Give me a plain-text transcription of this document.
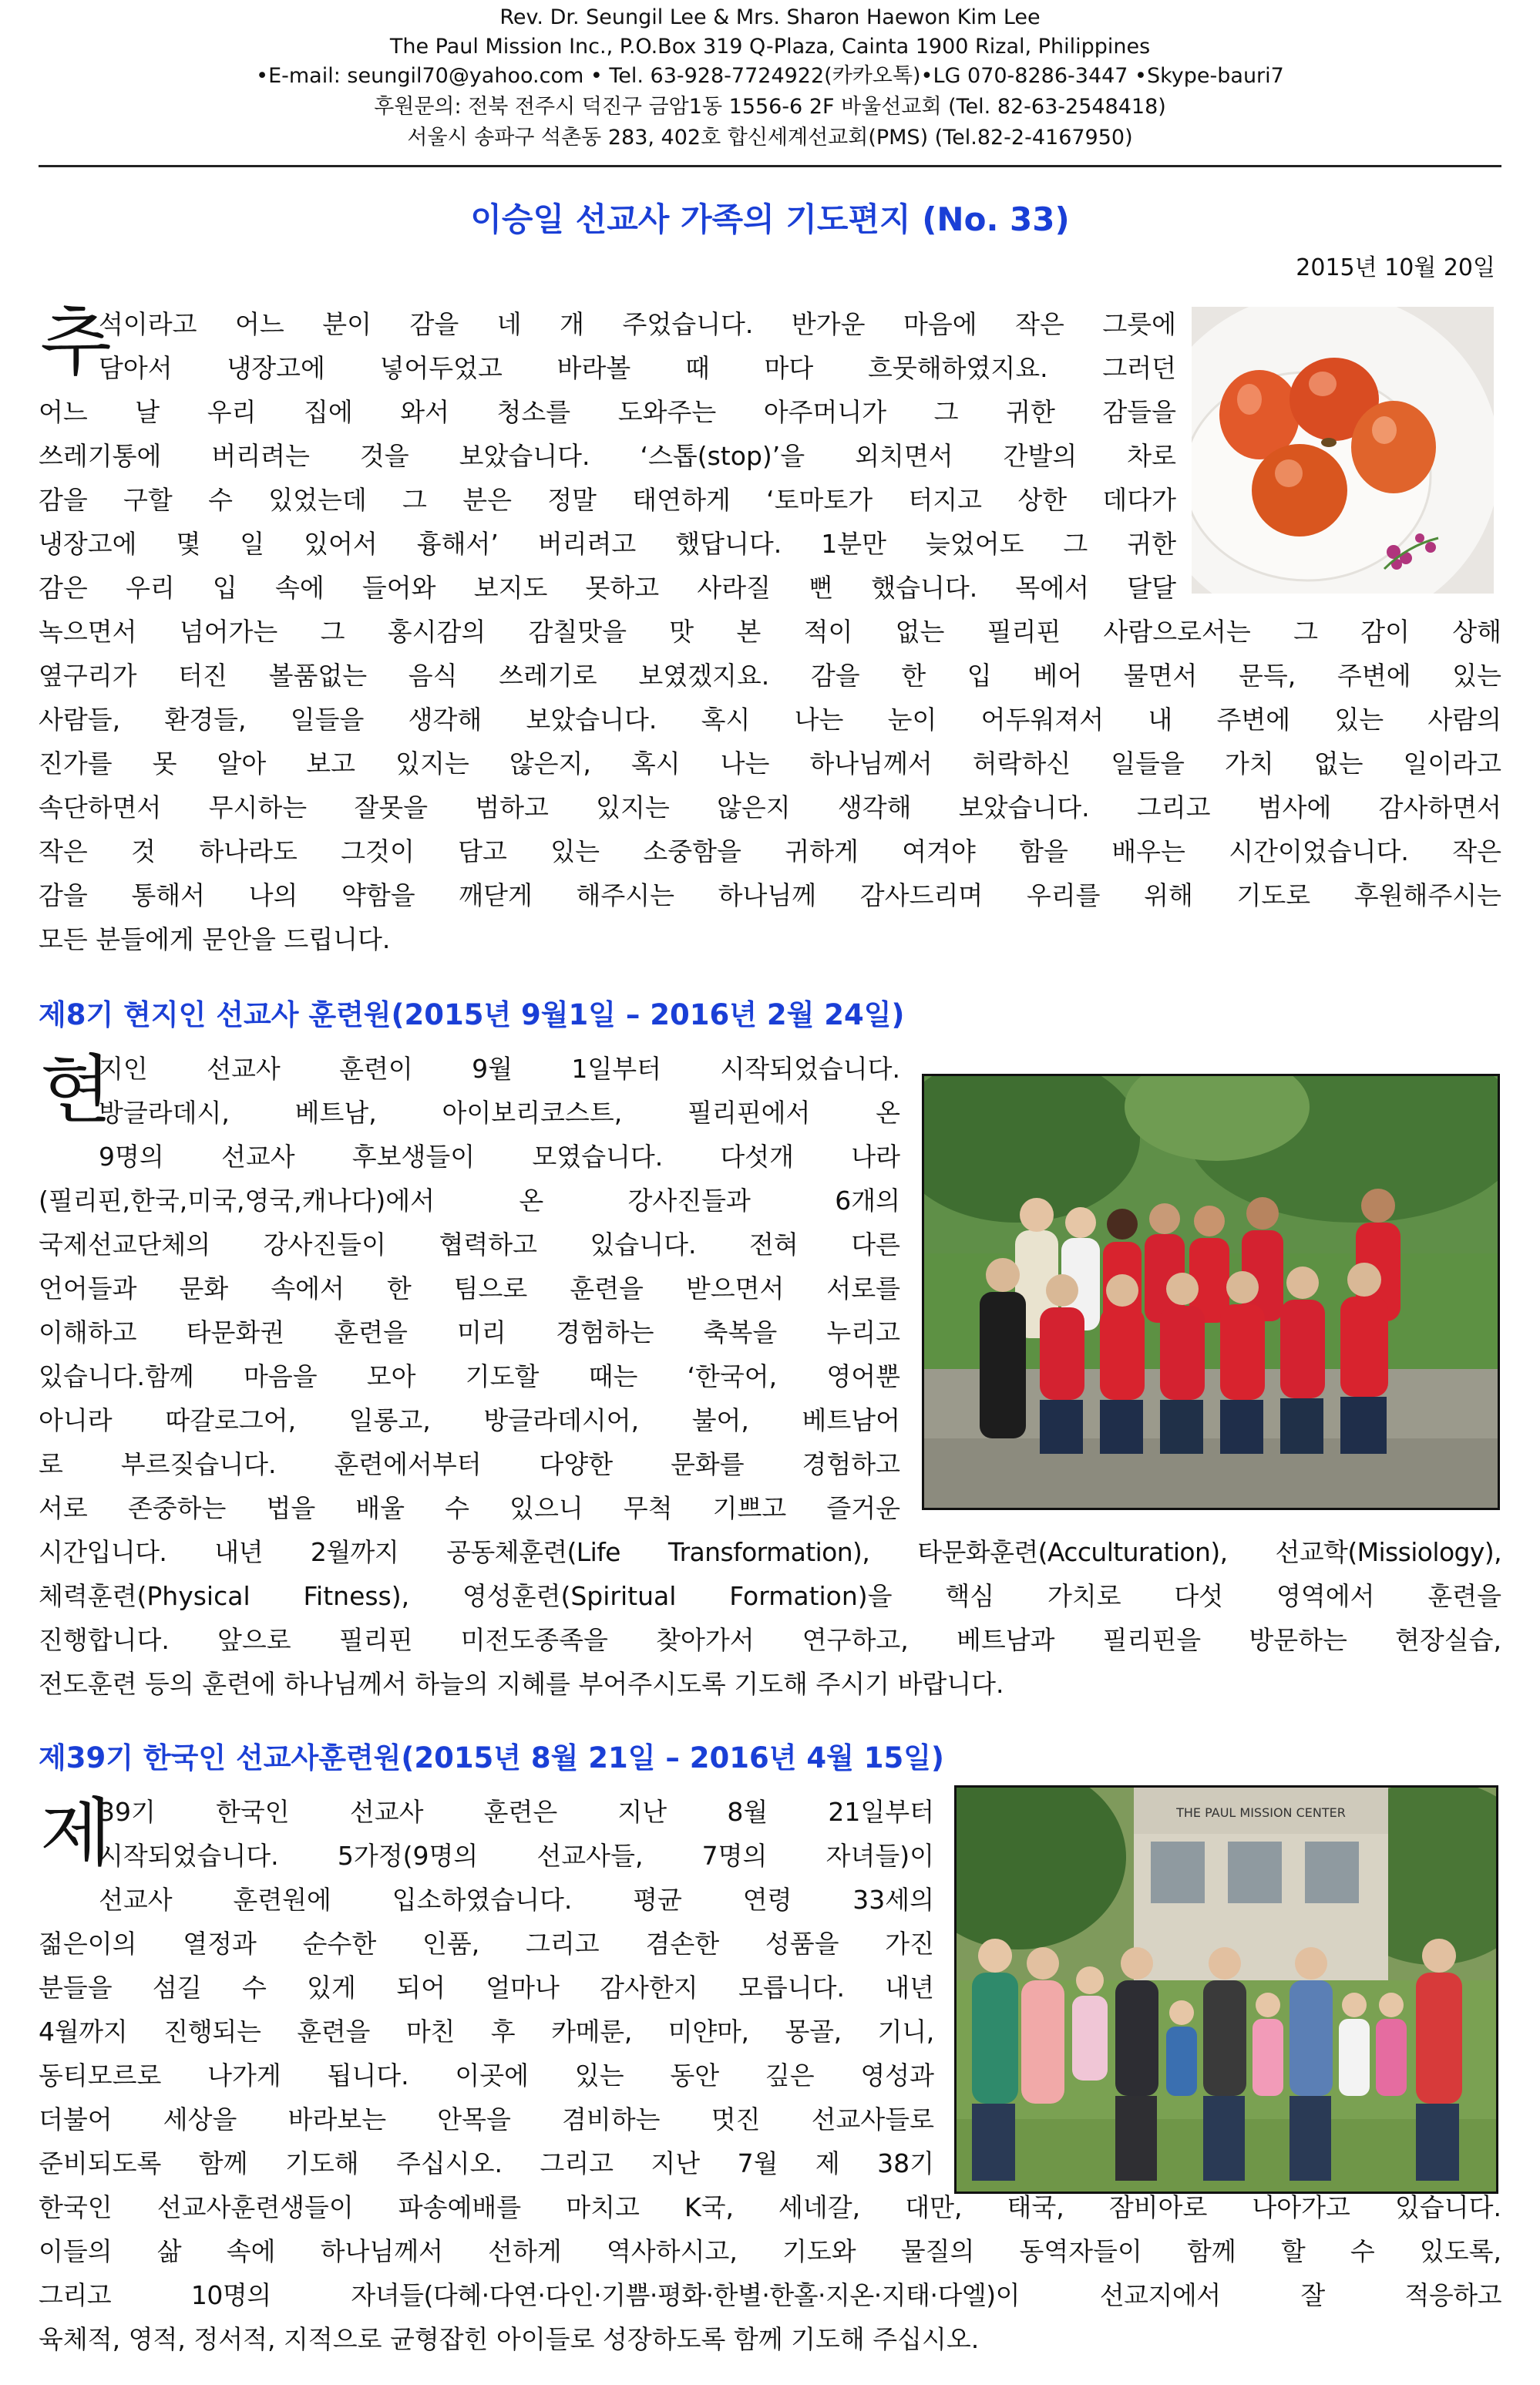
Rev. Dr. Seungil Lee & Mrs. Sharon Haewon Kim Lee
The Paul Mission Inc., P.O.Box 319 Q-Plaza, Cainta 1900 Rizal, Philippines
•E-mail: seungil70@yahoo.com • Tel. 63-928-7724922(카카오톡)•LG 070-8286-3447 •Skype-bauri7
후원문의: 전북 전주시 덕진구 금암1동 1556-6 2F 바울선교회 (Tel. 82-63-2548418)
서울시 송파구 석촌동 283, 402호 합신세계선교회(PMS) (Tel.82-2-4167950)
이승일 선교사 가족의 기도편지 (No. 33)
2015년 10월 20일
추
석이라고 어느 분이 감을 네 개 주었습니다. 반가운 마음에 작은 그릇에
담아서 냉장고에 넣어두었고 바라볼 때 마다 흐뭇해하였지요. 그러던
어느 날 우리 집에 와서 청소를 도와주는 아주머니가 그 귀한 감들을
쓰레기통에 버리려는 것을 보았습니다. ‘스톱(stop)’을 외치면서 간발의 차로
감을 구할 수 있었는데 그 분은 정말 태연하게 ‘토마토가 터지고 상한 데다가
냉장고에 몇 일 있어서 흉해서’ 버리려고 했답니다. 1분만 늦었어도 그 귀한
감은 우리 입 속에 들어와 보지도 못하고 사라질 뻔 했습니다. 목에서 달달
녹으면서 넘어가는 그 홍시감의 감칠맛을 맛 본 적이 없는 필리핀 사람으로서는 그 감이 상해
옆구리가 터진 볼품없는 음식 쓰레기로 보였겠지요. 감을 한 입 베어 물면서 문득, 주변에 있는
사람들, 환경들, 일들을 생각해 보았습니다. 혹시 나는 눈이 어두워져서 내 주변에 있는 사람의
진가를 못 알아 보고 있지는 않은지, 혹시 나는 하나님께서 허락하신 일들을 가치 없는 일이라고
속단하면서 무시하는 잘못을 범하고 있지는 않은지 생각해 보았습니다. 그리고 범사에 감사하면서
작은 것 하나라도 그것이 담고 있는 소중함을 귀하게 여겨야 함을 배우는 시간이었습니다. 작은
감을 통해서 나의 약함을 깨닫게 해주시는 하나님께 감사드리며 우리를 위해 기도로 후원해주시는
모든 분들에게 문안을 드립니다.
제8기 현지인 선교사 훈련원(2015년 9월1일 – 2016년 2월 24일)
현
지인 선교사 훈련이 9월 1일부터 시작되었습니다.
방글라데시, 베트남, 아이보리코스트, 필리핀에서 온
9명의 선교사 후보생들이 모였습니다. 다섯개 나라
(필리핀,한국,미국,영국,캐나다)에서 온 강사진들과 6개의
국제선교단체의 강사진들이 협력하고 있습니다. 전혀 다른
언어들과 문화 속에서 한 팀으로 훈련을 받으면서 서로를
이해하고 타문화권 훈련을 미리 경험하는 축복을 누리고
있습니다.함께 마음을 모아 기도할 때는 ‘한국어, 영어뿐
아니라 따갈로그어, 일롱고, 방글라데시어, 불어, 베트남어
로 부르짖습니다. 훈련에서부터 다양한 문화를 경험하고
서로 존중하는 법을 배울 수 있으니 무척 기쁘고 즐거운
시간입니다. 내년 2월까지 공동체훈련(Life Transformation), 타문화훈련(Acculturation), 선교학(Missiology),
체력훈련(Physical Fitness), 영성훈련(Spiritual Formation)을 핵심 가치로 다섯 영역에서 훈련을
진행합니다. 앞으로 필리핀 미전도종족을 찾아가서 연구하고, 베트남과 필리핀을 방문하는 현장실습,
전도훈련 등의 훈련에 하나님께서 하늘의 지혜를 부어주시도록 기도해 주시기 바랍니다.
제39기 한국인 선교사훈련원(2015년 8월 21일 – 2016년 4월 15일)
제
39기 한국인 선교사 훈련은 지난 8월 21일부터
시작되었습니다. 5가정(9명의 선교사들, 7명의 자녀들)이
선교사 훈련원에 입소하였습니다. 평균 연령 33세의
젊은이의 열정과 순수한 인품, 그리고 겸손한 성품을 가진
분들을 섬길 수 있게 되어 얼마나 감사한지 모릅니다. 내년
4월까지 진행되는 훈련을 마친 후 카메룬, 미얀마, 몽골, 기니,
동티모르로 나가게 됩니다. 이곳에 있는 동안 깊은 영성과
더불어 세상을 바라보는 안목을 겸비하는 멋진 선교사들로
준비되도록 함께 기도해 주십시오. 그리고 지난 7월 제 38기
한국인 선교사훈련생들이 파송예배를 마치고 K국, 세네갈, 대만, 태국, 잠비아로 나아가고 있습니다.
이들의 삶 속에 하나님께서 선하게 역사하시고, 기도와 물질의 동역자들이 함께 할 수 있도록,
그리고 10명의 자녀들(다혜·다연·다인·기쁨·평화·한별·한홀·지온·지태·다엘)이 선교지에서 잘 적응하고
육체적, 영적, 정서적, 지적으로 균형잡힌 아이들로 성장하도록 함께 기도해 주십시오.
THE PAUL MISSION CENTER
